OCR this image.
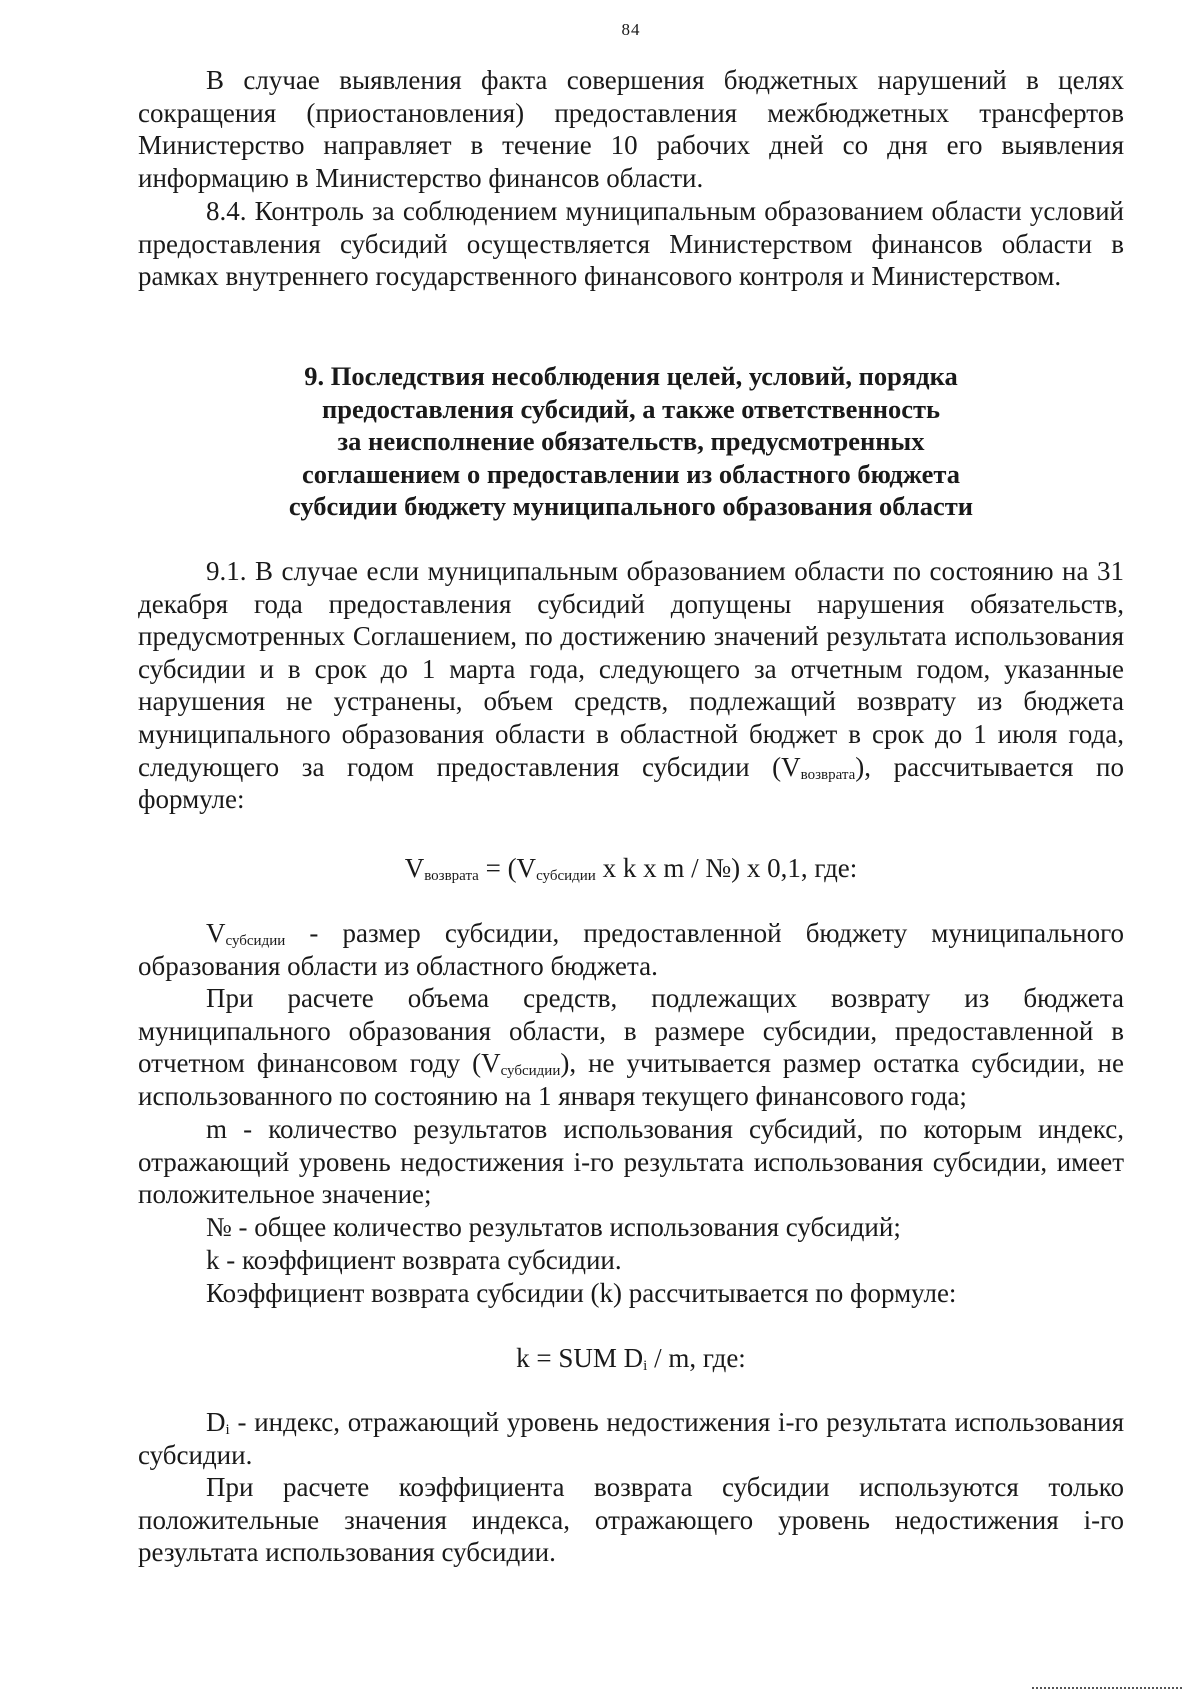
84

В случае выявления факта совершения бюджетных нарушений в целях сокращения (приостановления) предоставления межбюджетных трансфертов Министерство направляет в течение 10 рабочих дней со дня его выявления информацию в Министерство финансов области.

8.4. Контроль за соблюдением муниципальным образованием области условий предоставления субсидий осуществляется Министерством финансов области в рамках внутреннего государственного финансового контроля и Министерством.

9. Последствия несоблюдения целей, условий, порядка
предоставления субсидий, а также ответственность
за неисполнение обязательств, предусмотренных
соглашением о предоставлении из областного бюджета
субсидии бюджету муниципального образования области

9.1. В случае если муниципальным образованием области по состоянию на 31 декабря года предоставления субсидий допущены нарушения обязательств, предусмотренных Соглашением, по достижению значений результата использования субсидии и в срок до 1 марта года, следующего за отчетным годом, указанные нарушения не устранены, объем средств, подлежащий возврату из бюджета муниципального образования области в областной бюджет в срок до 1 июля года, следующего за годом предоставления субсидии $(V_{возврата})$, рассчитывается по формуле:

$V_{возврата} = (V_{субсидии}$ x k x m / №) x 0,1, где:

$V_{субсидии}$ - размер субсидии, предоставленной бюджету муниципального образования области из областного бюджета.

При расчете объема средств, подлежащих возврату из бюджета муниципального образования области, в размере субсидии, предоставленной в отчетном финансовом году $(V_{субсидии})$, не учитывается размер остатка субсидии, не использованного по состоянию на 1 января текущего финансового года;

m - количество результатов использования субсидий, по которым индекс, отражающий уровень недостижения i-го результата использования субсидии, имеет положительное значение;

№ - общее количество результатов использования субсидий;

k - коэффициент возврата субсидии.

Коэффициент возврата субсидии (k) рассчитывается по формуле:

k = SUM $D_i$ / m, где:

$D_i$ - индекс, отражающий уровень недостижения i-го результата использования субсидии.

При расчете коэффициента возврата субсидии используются только положительные значения индекса, отражающего уровень недостижения i-го результата использования субсидии.
